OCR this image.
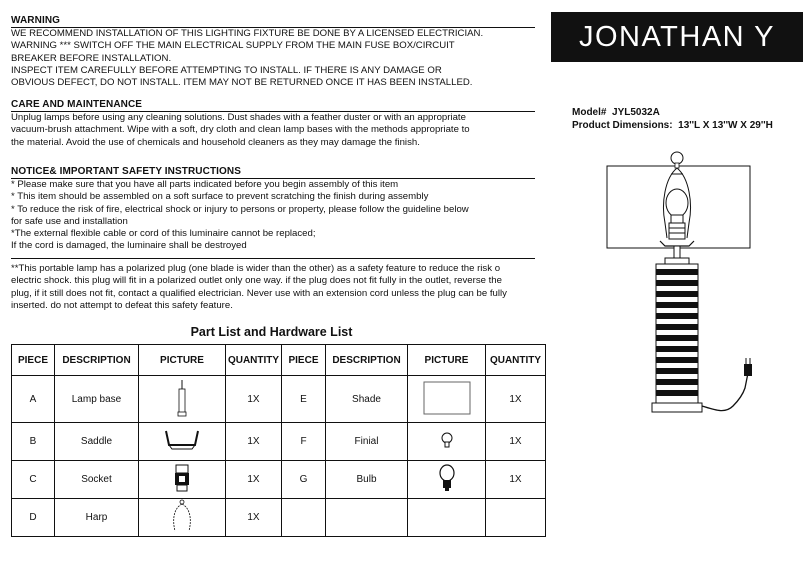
WARNING
WE RECOMMEND INSTALLATION OF THIS LIGHTING FIXTURE BE DONE BY A LICENSED ELECTRICIAN.
WARNING *** SWITCH OFF THE MAIN ELECTRICAL SUPPLY FROM THE MAIN FUSE BOX/CIRCUIT
BREAKER BEFORE INSTALLATION.
INSPECT ITEM CAREFULLY BEFORE ATTEMPTING TO INSTALL. IF THERE IS ANY DAMAGE OR
OBVIOUS DEFECT, DO NOT INSTALL. ITEM MAY NOT BE RETURNED ONCE IT HAS BEEN INSTALLED.
CARE AND MAINTENANCE
Unplug lamps before using any cleaning solutions. Dust shades with a feather duster or with an appropriate
vacuum-brush attachment. Wipe with a soft, dry cloth and clean lamp bases with the methods appropriate to
the material. Avoid the use of chemicals and household cleaners as they may damage the finish.
NOTICE& IMPORTANT SAFETY INSTRUCTIONS
* Please make sure that you have all parts indicated before you begin assembly of this item
* This item should be assembled on a soft surface to prevent scratching the finish during assembly
* To reduce the risk of fire, electrical shock or injury to persons or property, please follow the guideline below
for safe use and installation
*The external flexible cable or cord of this luminaire cannot be replaced;
If the cord is damaged, the luminaire shall be destroyed
**This portable lamp has a polarized plug (one blade is wider than the other) as a safety feature to reduce the risk o
electric shock. this plug will fit in a polarized outlet only one way. if the plug does not fit fully in the outlet, reverse the
plug, if it still does not fit, contact a qualified electrician. Never use with an extension cord unless the plug can be fully
inserted. do not attempt to defeat this safety feature.
JONATHAN Y
Model# JYL5032A
Product Dimensions: 13''L X 13''W X 29''H
Part List and Hardware List
PIECE	DESCRIPTION	PICTURE	QUANTITY	PIECE	DESCRIPTION	PICTURE	QUANTITY
A	Lamp base		1X	E	Shade		1X
B	Saddle		1X	F	Finial		1X
C	Socket		1X	G	Bulb		1X
D	Harp		1X				
